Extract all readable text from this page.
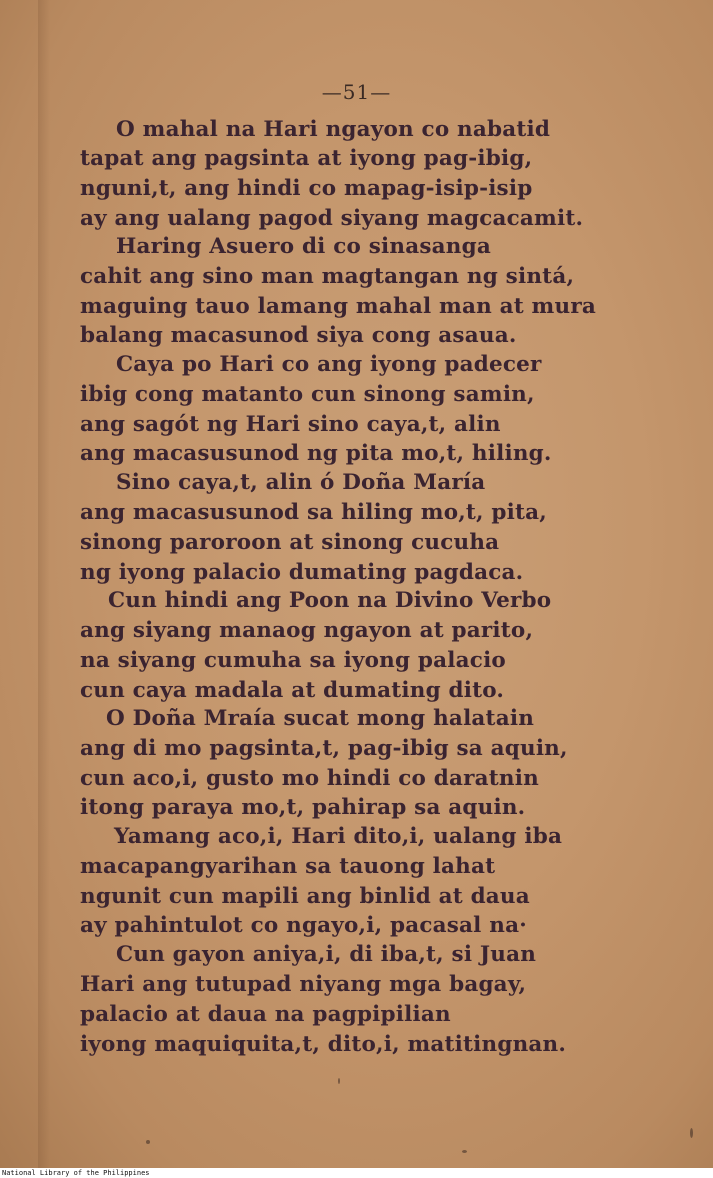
—51—
O mahal na Hari ngayon co nabatid
tapat ang pagsinta at iyong pag-ibig,
nguni,t, ang hindi co mapag-isip-isip
ay ang ualang pagod siyang magcacamit.
Haring Asuero di co sinasanga
cahit ang sino man magtangan ng sintá,
maguing tauo lamang mahal man at mura
balang macasunod siya cong asaua.
Caya po Hari co ang iyong padecer
ibig cong matanto cun sinong samin,
ang sagót ng Hari sino caya,t, alin
ang macasusunod ng pita mo,t, hiling.
Sino caya,t, alin ó Doña María
ang macasusunod sa hiling mo,t, pita,
sinong paroroon at sinong cucuha
ng iyong palacio dumating pagdaca.
Cun hindi ang Poon na Divino Verbo
ang siyang manaog ngayon at parito,
na siyang cumuha sa iyong palacio
cun caya madala at dumating dito.
O Doña Mraía sucat mong halatain
ang di mo pagsinta,t, pag-ibig sa aquin,
cun aco,i, gusto mo hindi co daratnin
itong paraya mo,t, pahirap sa aquin.
Yamang aco,i, Hari dito,i, ualang iba
macapangyarihan sa tauong lahat
ngunit cun mapili ang binlid at daua
ay pahintulot co ngayo,i, pacasal na·
Cun gayon aniya,i, di iba,t, si Juan
Hari ang tutupad niyang mga bagay,
palacio at daua na pagpipilian
iyong maquiquita,t, dito,i, matitingnan.
National Library of the Philippines
